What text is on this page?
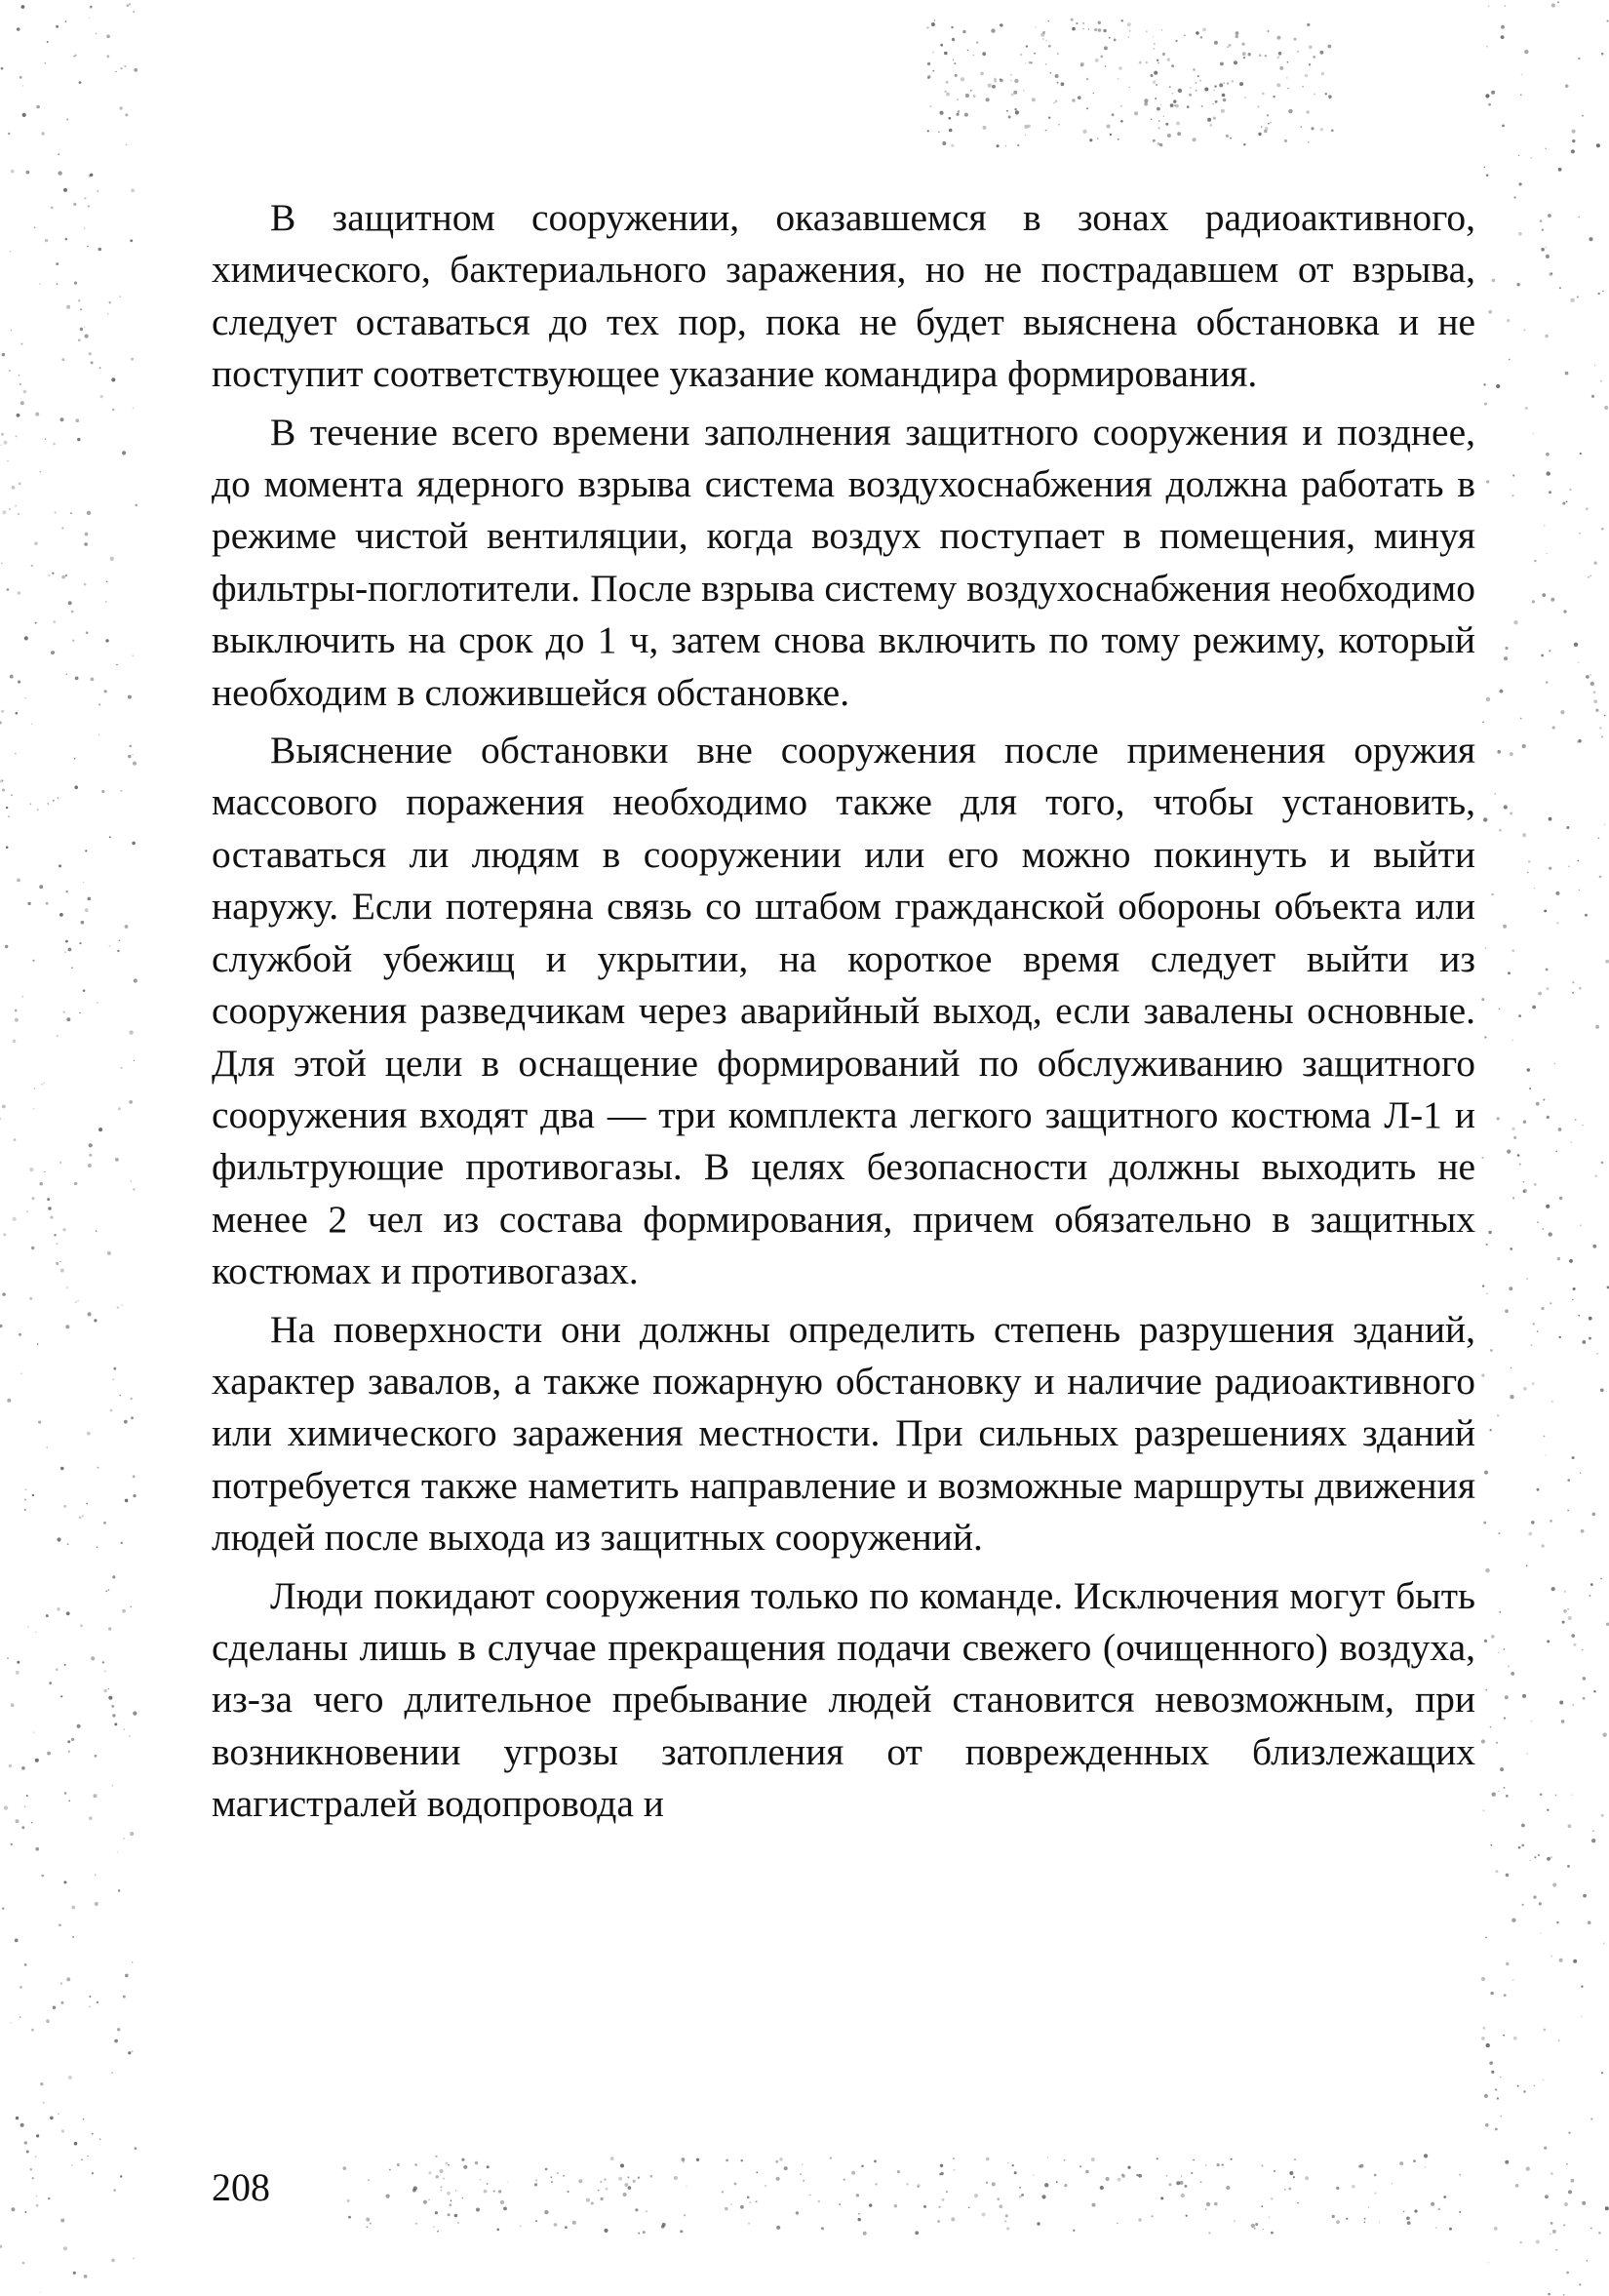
В защитном сооружении, оказавшемся в зонах радиоактивного, химического, бактериального заражения, но не пострадавшем от взрыва, следует оставаться до тех пор, пока не будет выяснена обстановка и не поступит соответствующее указание командира формирования.

В течение всего времени заполнения защитного сооружения и позднее, до момента ядерного взрыва система воздухоснабжения должна работать в режиме чистой вентиляции, когда воздух поступает в помещения, минуя фильтры-поглотители. После взрыва систему воздухоснабжения необходимо выключить на срок до 1 ч, затем снова включить по тому режиму, который необходим в сложившейся обстановке.

Выяснение обстановки вне сооружения после применения оружия массового поражения необходимо также для того, чтобы установить, оставаться ли людям в сооружении или его можно покинуть и выйти наружу. Если потеряна связь со штабом гражданской обороны объекта или службой убежищ и укрытии, на короткое время следует выйти из сооружения разведчикам через аварийный выход, если завалены основные. Для этой цели в оснащение формирований по обслуживанию защитного сооружения входят два — три комплекта легкого защитного костюма Л-1 и фильтрующие противогазы. В целях безопасности должны выходить не менее 2 чел из состава формирования, причем обязательно в защитных костюмах и противогазах.

На поверхности они должны определить степень разрушения зданий, характер завалов, а также пожарную обстановку и наличие радиоактивного или химического заражения местности. При сильных разрешениях зданий потребуется также наметить направление и возможные маршруты движения людей после выхода из защитных сооружений.

Люди покидают сооружения только по команде. Исключения могут быть сделаны лишь в случае прекращения подачи свежего (очищенного) воздуха, из-за чего длительное пребывание людей становится невозможным, при возникновении угрозы затопления от поврежденных близлежащих магистралей водопровода и

208
